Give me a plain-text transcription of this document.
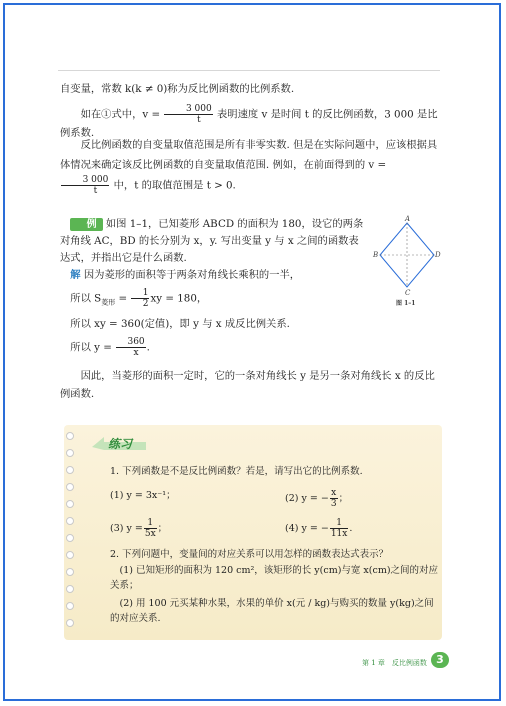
自变量，常数 k(k ≠ 0)称为反比例函数的比例系数.

如在①式中，$v = \frac{3 000}{t}$ 表明速度 v 是时间 t 的反比例函数，3 000 是比例系数.

反比例函数的自变量取值范围是所有非零实数. 但是在实际问题中，应该根据具体情况来确定该反比例函数的自变量取值范围. 例如，在前面得到的 v =

$\frac{3 000}{t}$ 中，t 的取值范围是 t > 0.

例 如图 1–1，已知菱形 ABCD 的面积为 180，设它的两条对角线 AC，BD 的长分别为 x，y. 写出变量 y 与 x 之间的函数表达式，并指出它是什么函数.

解 因为菱形的面积等于两条对角线长乘积的一半，

所以 $S_{菱形} = \frac{1}{2}$ xy = 180，

所以 xy = 360(定值)，即 y 与 x 成反比例关系.

所以 $y = \frac{360}{x}$ .

因此，当菱形的面积一定时，它的一条对角线长 y 是另一条对角线长 x 的反比例函数.

A
B
C
D
图 1–1
练习
1. 下列函数是不是反比例函数？若是，请写出它的比例系数.
(1) y = 3x⁻¹；	(2) y = − $\frac{x}{3}$ ；
(3) $y = \frac{1}{5x}$ ；	(4) y = − $\frac{1}{11x}$ .
2. 下列问题中，变量间的对应关系可以用怎样的函数表达式表示？
(1) 已知矩形的面积为 120 cm²，该矩形的长 y(cm)与宽 x(cm)之间的对应关系；
(2) 用 100 元买某种水果，水果的单价 x(元 / kg)与购买的数量 y(kg)之间的对应关系.
第 1 章　反比例函数 3
